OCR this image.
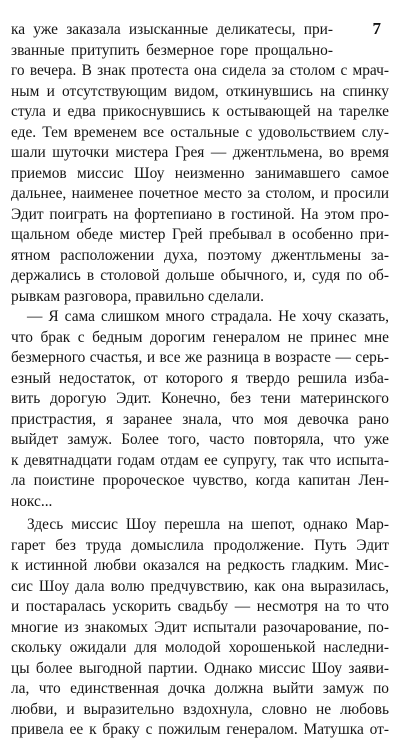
7
ка уже заказала изысканные деликатесы, при-
званные притупить безмерное горе прощально-
го вечера. В знак протеста она сидела за столом с мрач-
ным и отсутствующим видом, откинувшись на спинку
стула и едва прикоснувшись к остывающей на тарелке
еде. Тем временем все остальные с удовольствием слу-
шали шуточки мистера Грея — джентльмена, во время
приемов миссис Шоу неизменно занимавшего самое
дальнее, наименее почетное место за столом, и просили
Эдит поиграть на фортепиано в гостиной. На этом про-
щальном обеде мистер Грей пребывал в особенно при-
ятном расположении духа, поэтому джентльмены за-
держались в столовой дольше обычного, и, судя по об-
рывкам разговора, правильно сделали.
— Я сама слишком много страдала. Не хочу сказать,
что брак с бедным дорогим генералом не принес мне
безмерного счастья, и все же разница в возрасте — серь-
езный недостаток, от которого я твердо решила изба-
вить дорогую Эдит. Конечно, без тени материнского
пристрастия, я заранее знала, что моя девочка рано
выйдет замуж. Более того, часто повторяла, что уже
к девятнадцати годам отдам ее супругу, так что испыта-
ла поистине пророческое чувство, когда капитан Лен-
нокс...
Здесь миссис Шоу перешла на шепот, однако Мар-
гарет без труда домыслила продолжение. Путь Эдит
к истинной любви оказался на редкость гладким. Мис-
сис Шоу дала волю предчувствию, как она выразилась,
и постаралась ускорить свадьбу — несмотря на то что
многие из знакомых Эдит испытали разочарование, по-
скольку ожидали для молодой хорошенькой наследни-
цы более выгодной партии. Однако миссис Шоу заяви-
ла, что единственная дочка должна выйти замуж по
любви, и выразительно вздохнула, словно не любовь
привела ее к браку с пожилым генералом. Матушка от-
